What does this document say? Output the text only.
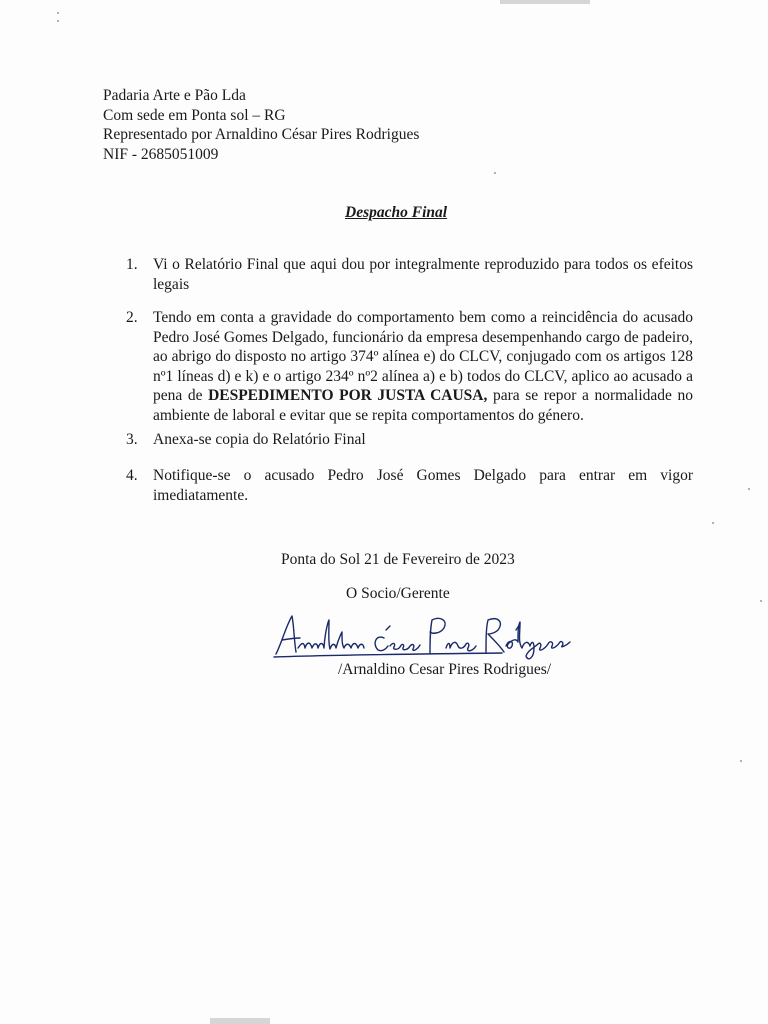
Padaria Arte e Pão Lda
Com sede em Ponta sol – RG
Representado por Arnaldino César Pires Rodrigues
NIF - 2685051009
Despacho Final
1. Vi o Relatório Final que aqui dou por integralmente reproduzido para todos os efeitos legais
2. Tendo em conta a gravidade do comportamento bem como a reincidência do acusado Pedro José Gomes Delgado, funcionário da empresa desempenhando cargo de padeiro, ao abrigo do disposto no artigo 374º alínea e) do CLCV, conjugado com os artigos 128 nº1 líneas d) e k) e o artigo 234º nº2 alínea a) e b) todos do CLCV, aplico ao acusado a pena de DESPEDIMENTO POR JUSTA CAUSA, para se repor a normalidade no ambiente de laboral e evitar que se repita comportamentos do género.
3. Anexa-se copia do Relatório Final
4. Notifique-se o acusado Pedro José Gomes Delgado para entrar em vigor imediatamente.
Ponta do Sol 21 de Fevereiro de 2023
O Socio/Gerente
/Arnaldino Cesar Pires Rodrigues/
